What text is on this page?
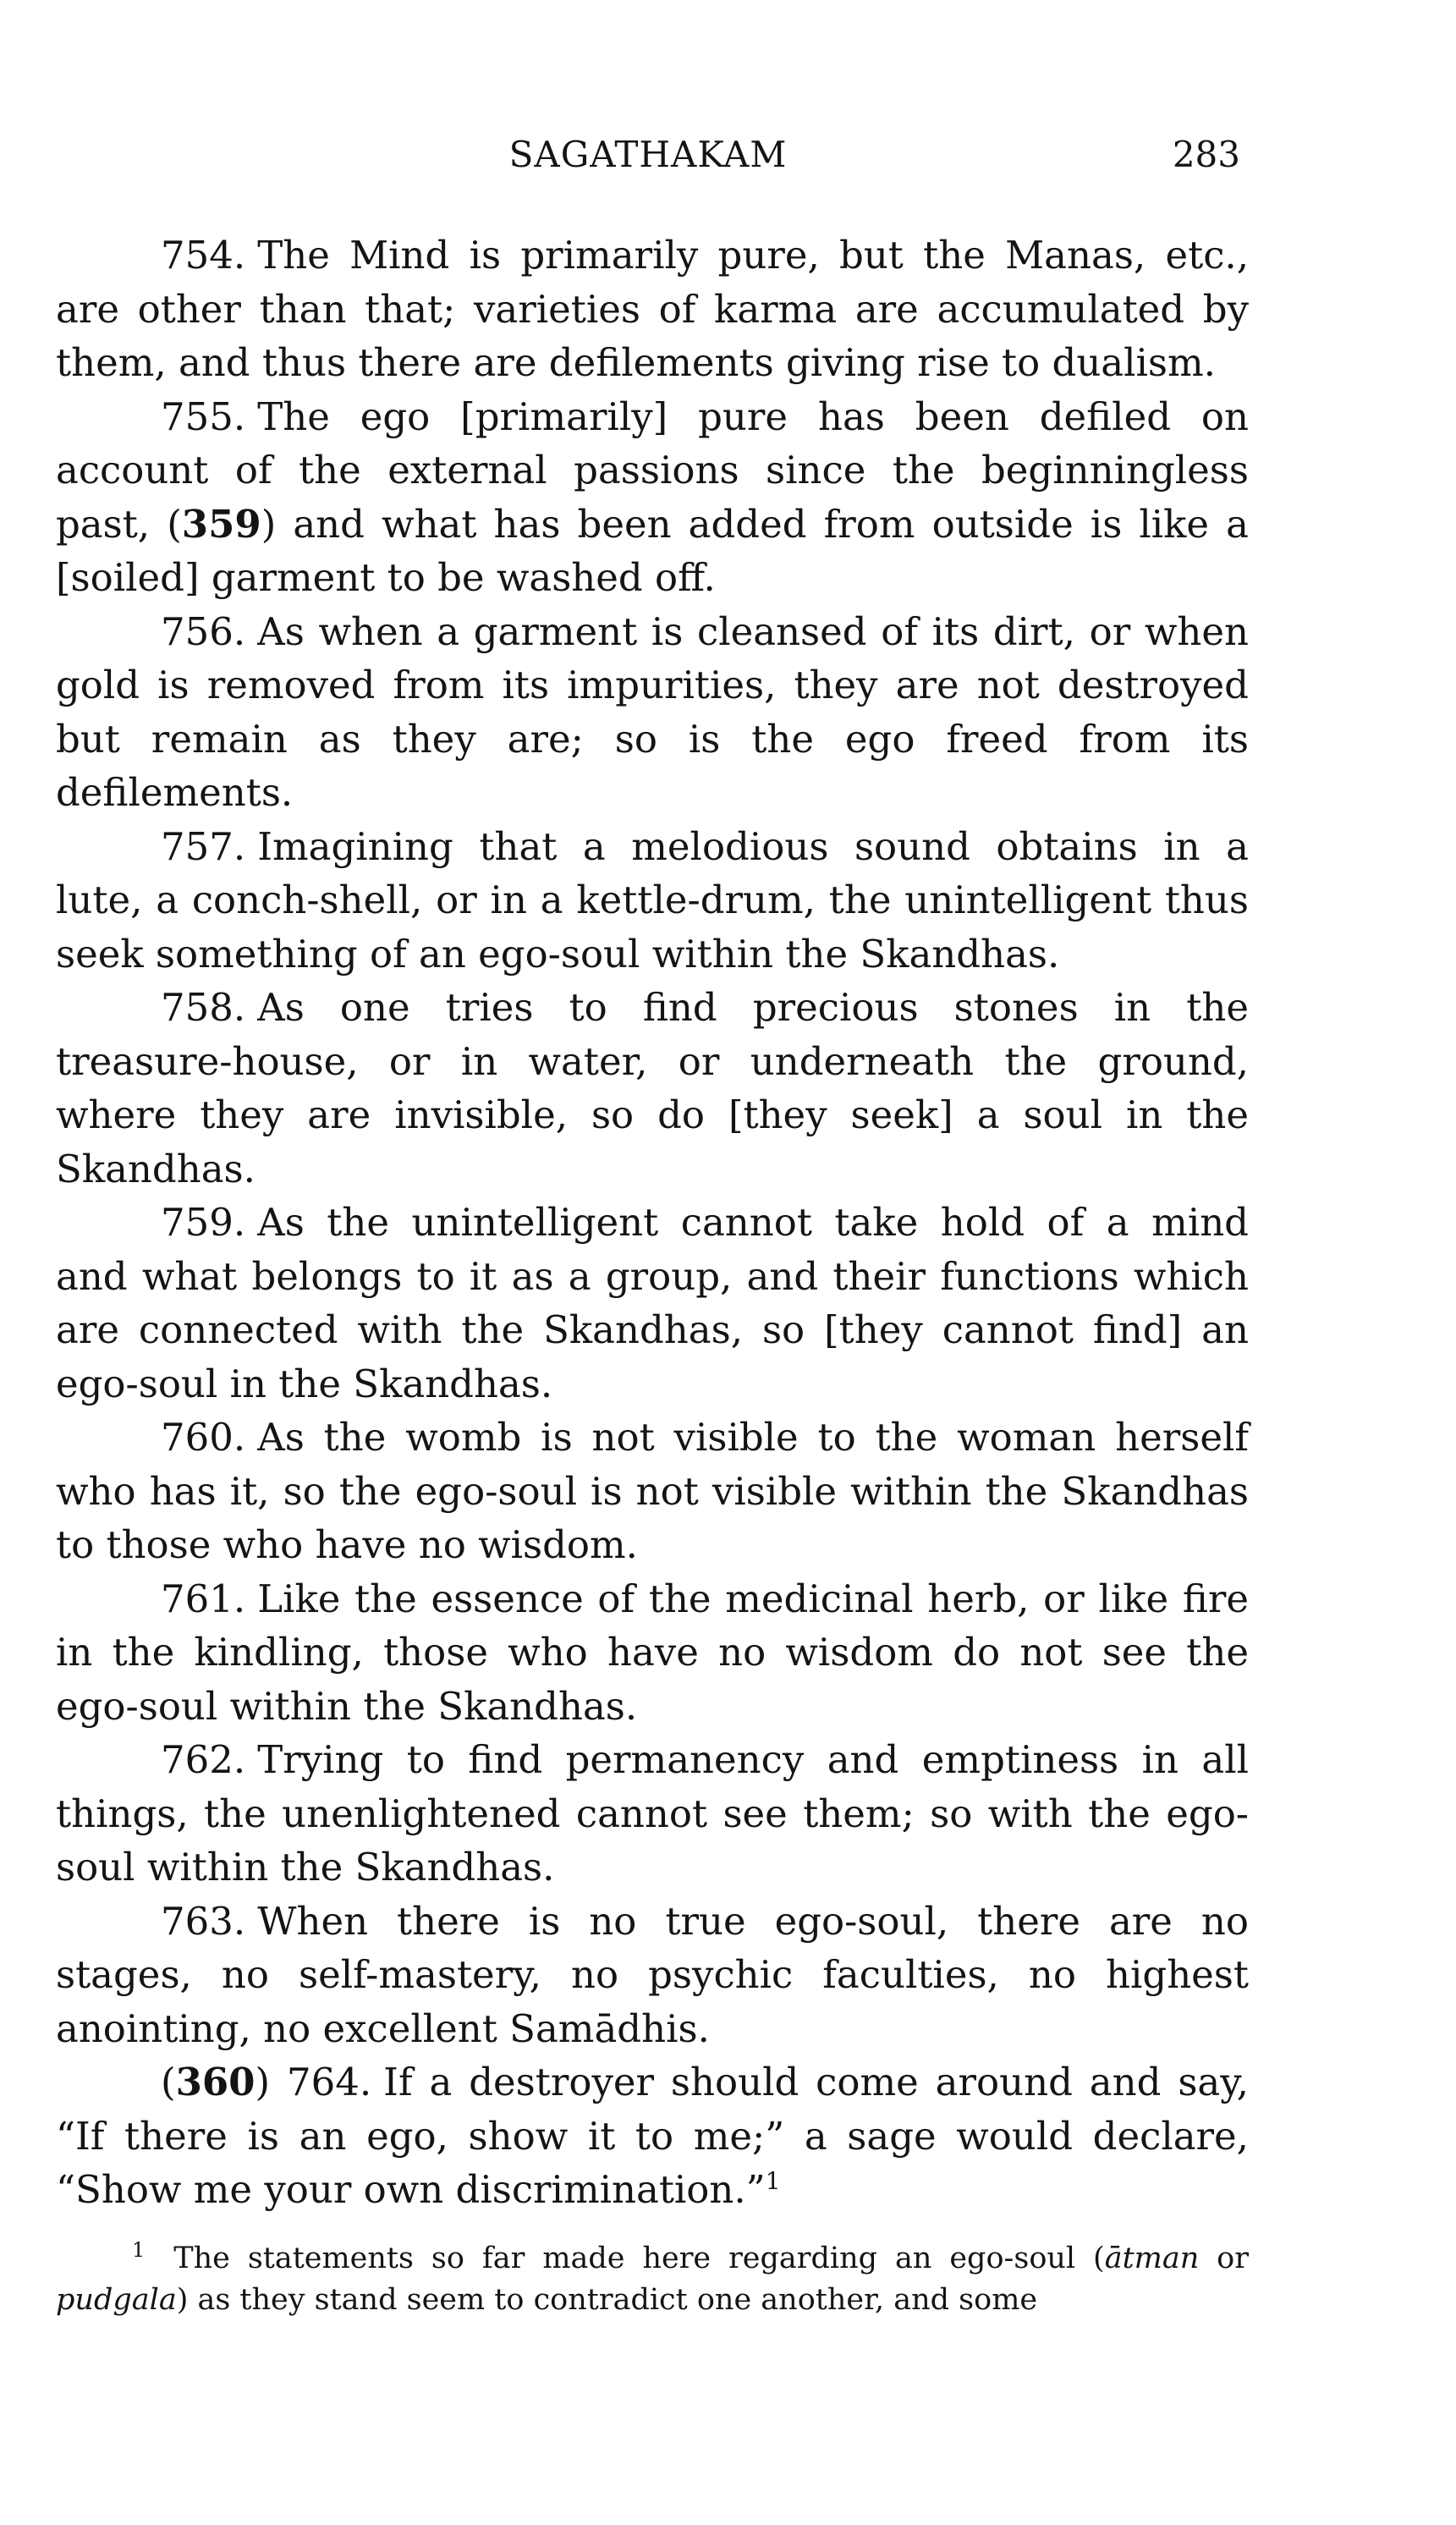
SAGATHAKAM	283

754. The Mind is primarily pure, but the Manas, etc., are other than that; varieties of karma are accumulated by them, and thus there are defilements giving rise to dualism.

755. The ego [primarily] pure has been defiled on account of the external passions since the beginningless past, (359) and what has been added from outside is like a [soiled] garment to be washed off.

756. As when a garment is cleansed of its dirt, or when gold is removed from its impurities, they are not destroyed but remain as they are; so is the ego freed from its defilements.

757. Imagining that a melodious sound obtains in a lute, a conch-shell, or in a kettle-drum, the unintelligent thus seek something of an ego-soul within the Skandhas.

758. As one tries to find precious stones in the treasure-house, or in water, or underneath the ground, where they are invisible, so do [they seek] a soul in the Skandhas.

759. As the unintelligent cannot take hold of a mind and what belongs to it as a group, and their functions which are connected with the Skandhas, so [they cannot find] an ego-soul in the Skandhas.

760. As the womb is not visible to the woman herself who has it, so the ego-soul is not visible within the Skandhas to those who have no wisdom.

761. Like the essence of the medicinal herb, or like fire in the kindling, those who have no wisdom do not see the ego-soul within the Skandhas.

762. Trying to find permanency and emptiness in all things, the unenlightened cannot see them; so with the ego-soul within the Skandhas.

763. When there is no true ego-soul, there are no stages, no self-mastery, no psychic faculties, no highest anointing, no excellent Samādhis.

(360) 764. If a destroyer should come around and say, “If there is an ego, show it to me;” a sage would declare, “Show me your own discrimination.”$^1$

$^1$ The statements so far made here regarding an ego-soul (ātman or pudgala) as they stand seem to contradict one another, and some
